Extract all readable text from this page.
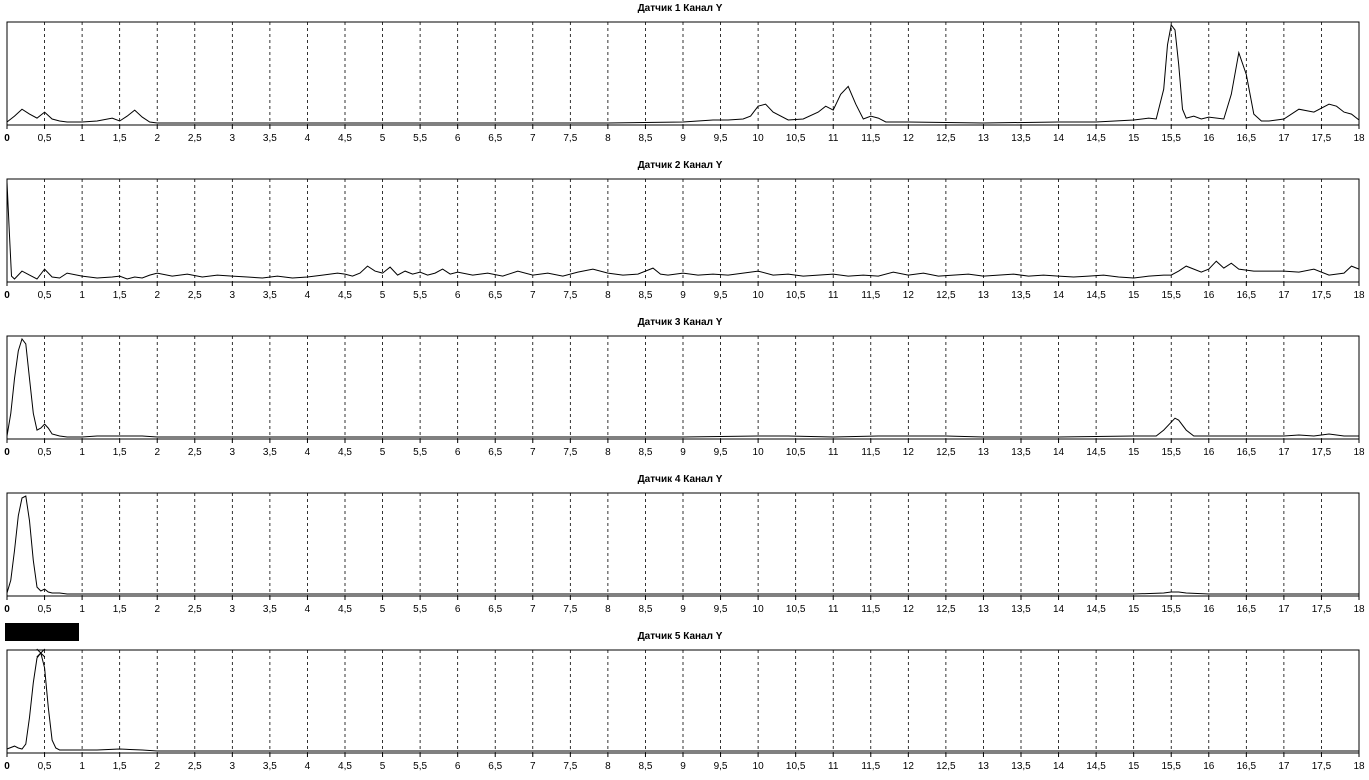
Датчик 1 Канал Y
0	0,5	1	1,5	2	2,5	3	3,5	4	4,5	5	5,5	6	6,5	7	7,5	8	8,5	9	9,5	10 10,5 11 11,5 12 12,5 13 13,5 14 14,5 15 15,5 16 16,5 17 17,5 18
Датчик 2 Канал Y
0	0,5	1	1,5	2	2,5	3	3,5	4	4,5	5	5,5	6	6,5	7	7,5	8	8,5	9	9,5	10 10,5 11 11,5 12 12,5 13 13,5 14 14,5 15 15,5 16 16,5 17 17,5 18
Датчик 3 Канал Y
0	0,5	1	1,5	2	2,5	3	3,5	4	4,5	5	5,5	6	6,5	7	7,5	8	8,5	9	9,5	10 10,5 11 11,5 12 12,5 13 13,5 14 14,5 15 15,5 16 16,5 17 17,5 18
Датчик 4 Канал Y
0	0,5	1	1,5	2	2,5	3	3,5	4	4,5	5	5,5	6	6,5	7	7,5	8	8,5	9	9,5	10 10,5 11 11,5 12 12,5 13 13,5 14 14,5 15 15,5 16 16,5 17 17,5 18
Датчик 5 Канал Y
0	0,5	1	1,5	2	2,5	3	3,5	4	4,5	5	5,5	6	6,5	7	7,5	8	8,5	9	9,5	10 10,5 11 11,5 12 12,5 13 13,5 14 14,5 15 15,5 16 16,5 17 17,5 18
